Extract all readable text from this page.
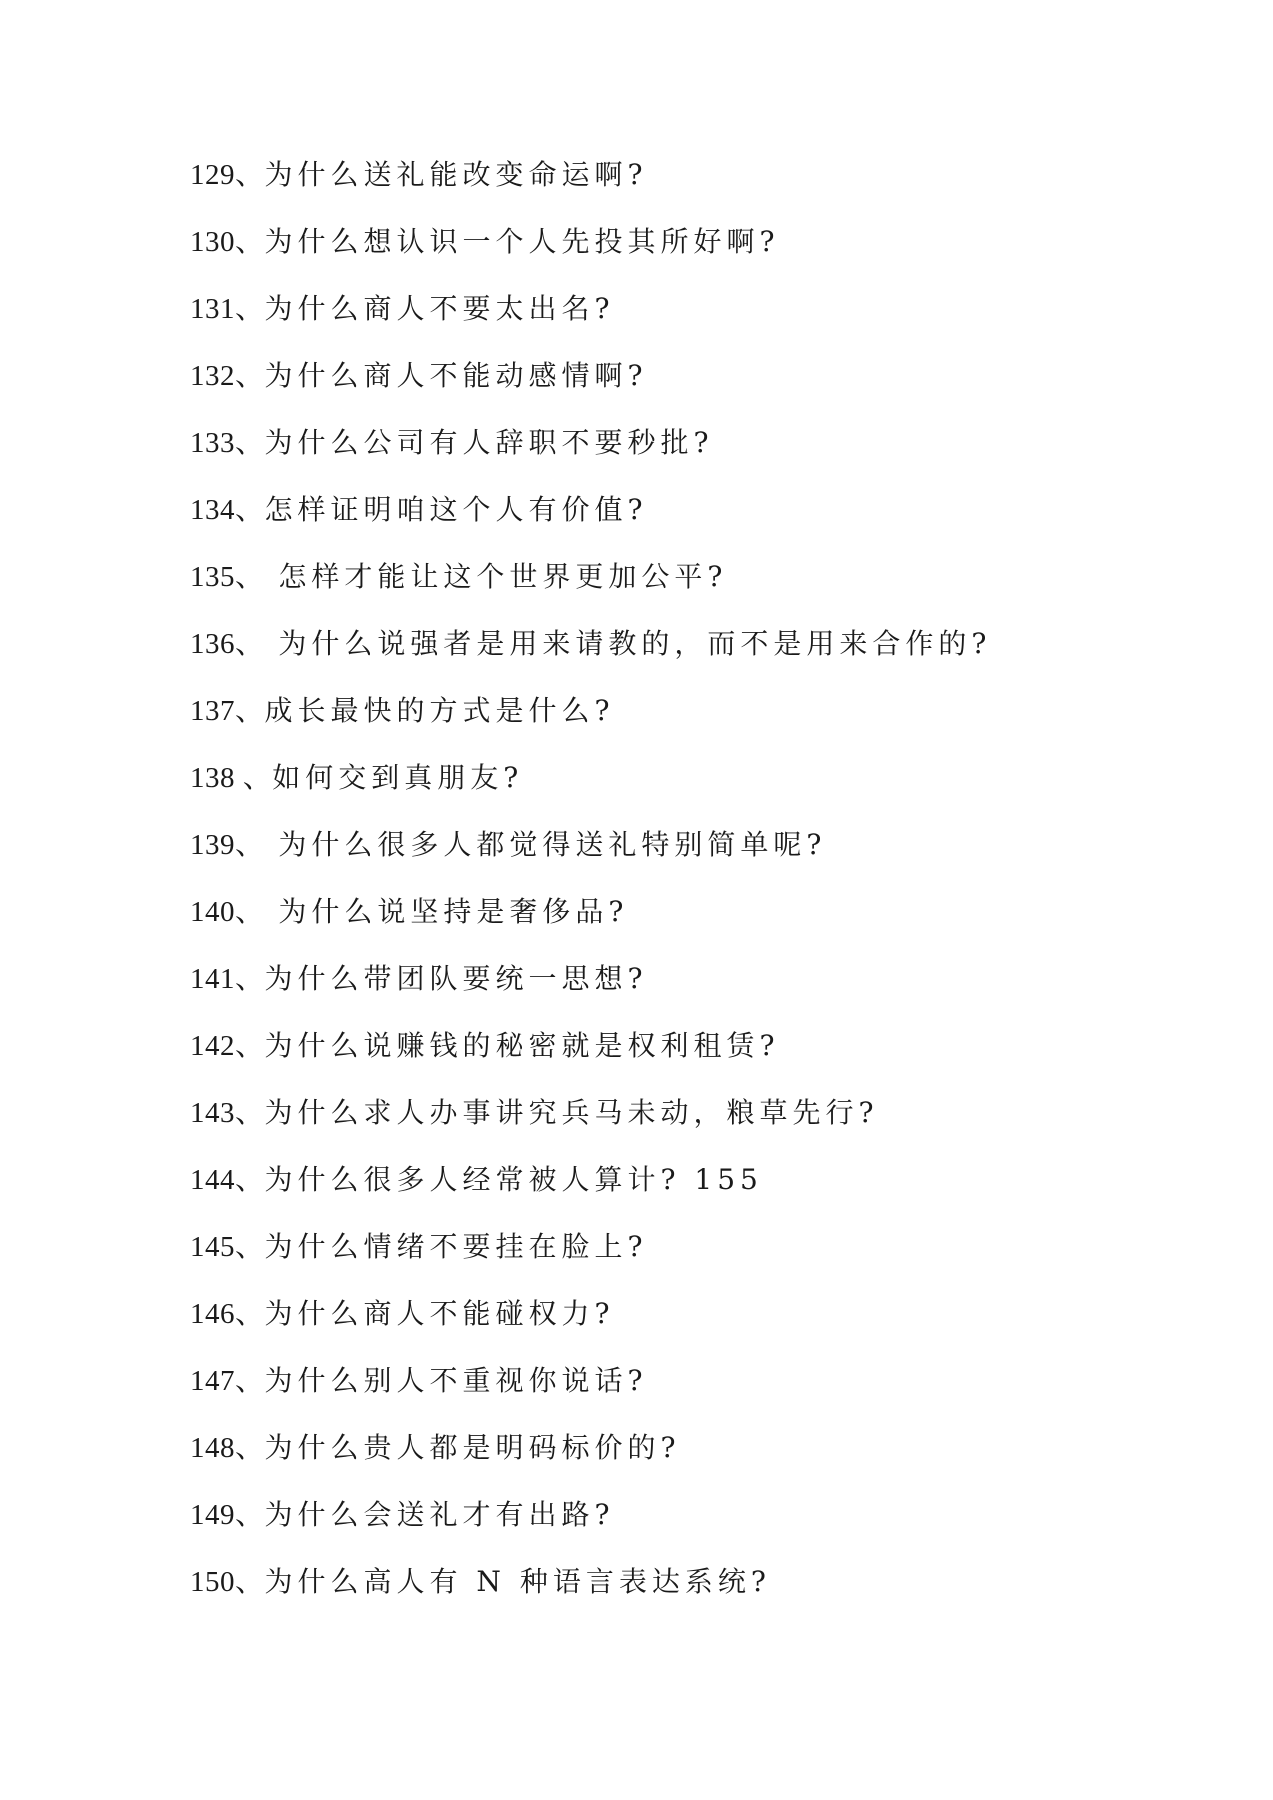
129、 为什么送礼能改变命运啊?
130、 为什么想认识一个人先投其所好啊?
131、 为什么商人不要太出名?
132、 为什么商人不能动感情啊?
133、 为什么公司有人辞职不要秒批?
134、 怎样证明咱这个人有价值?
135、 怎样才能让这个世界更加公平?
136、 为什么说强者是用来请教的，而不是用来合作的?
137、 成长最快的方式是什么?
138 、 如何交到真朋友?
139、 为什么很多人都觉得送礼特别简单呢?
140、 为什么说坚持是奢侈品?
141、 为什么带团队要统一思想?
142、 为什么说赚钱的秘密就是权利租赁?
143、 为什么求人办事讲究兵马未动，粮草先行?
144、 为什么很多人经常被人算计? 155
145、 为什么情绪不要挂在脸上?
146、 为什么商人不能碰权力?
147、 为什么别人不重视你说话?
148、 为什么贵人都是明码标价的?
149、 为什么会送礼才有出路?
150、 为什么高人有 N 种语言表达系统?
